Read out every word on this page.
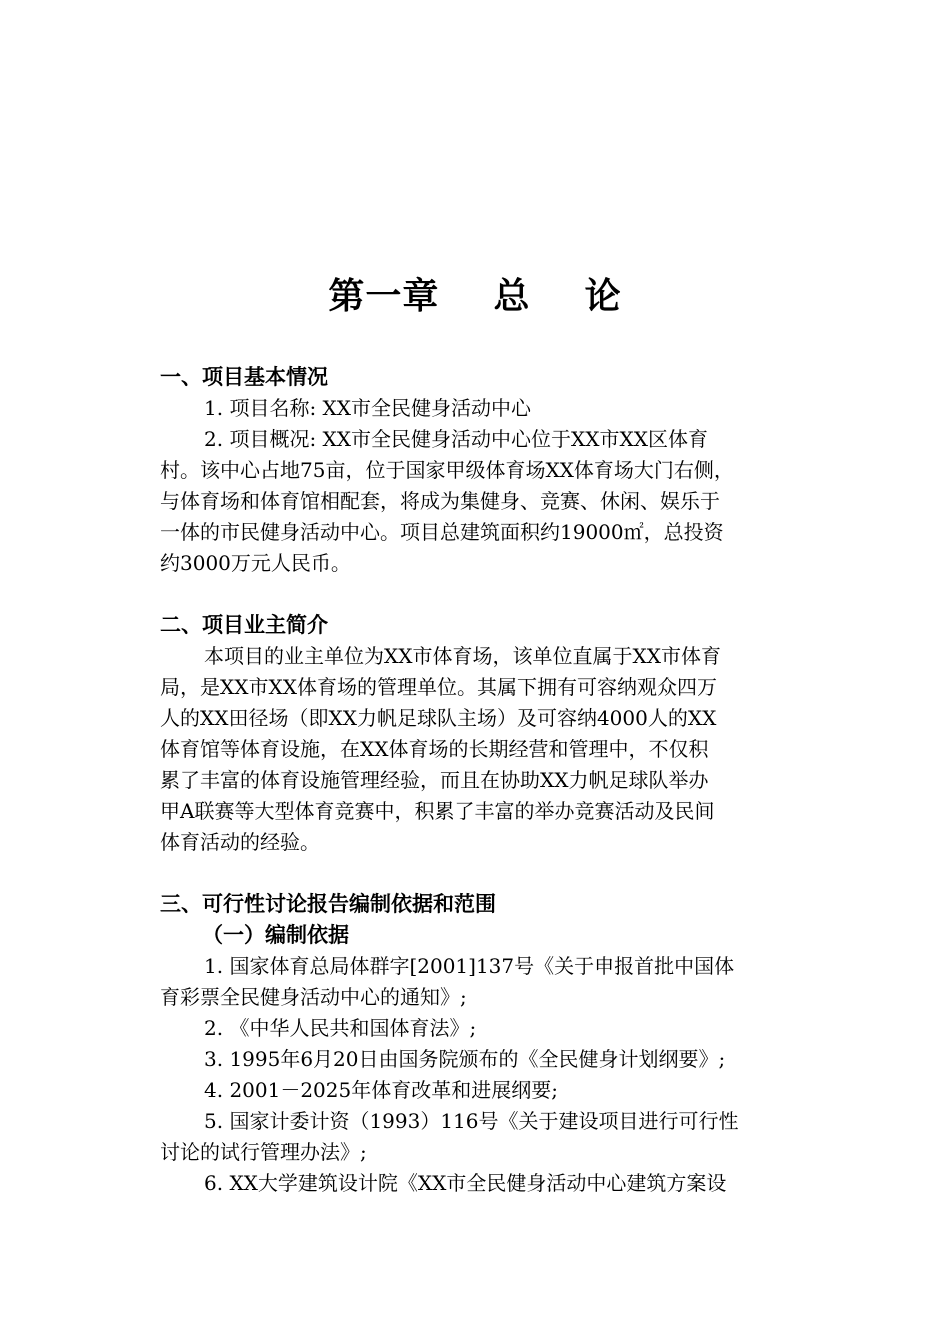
第一章    总    论
一、项目基本情况
1. 项目名称: XX市全民健身活动中心
2. 项目概况: XX市全民健身活动中心位于XX市XX区体育
村。该中心占地75亩，位于国家甲级体育场XX体育场大门右侧，
与体育场和体育馆相配套，将成为集健身、竞赛、休闲、娱乐于
一体的市民健身活动中心。项目总建筑面积约19000㎡，总投资
约3000万元人民币。
二、项目业主简介
本项目的业主单位为XX市体育场，该单位直属于XX市体育
局，是XX市XX体育场的管理单位。其属下拥有可容纳观众四万
人的XX田径场（即XX力帆足球队主场）及可容纳4000人的XX
体育馆等体育设施，在XX体育场的长期经营和管理中，不仅积
累了丰富的体育设施管理经验，而且在协助XX力帆足球队举办
甲A联赛等大型体育竞赛中，积累了丰富的举办竞赛活动及民间
体育活动的经验。
三、可行性讨论报告编制依据和范围
（一）编制依据
1. 国家体育总局体群字[2001]137号《关于申报首批中国体
育彩票全民健身活动中心的通知》;
2. 《中华人民共和国体育法》;
3. 1995年6月20日由国务院颁布的《全民健身计划纲要》;
4. 2001－2025年体育改革和进展纲要;
5. 国家计委计资（1993）116号《关于建设项目进行可行性
讨论的试行管理办法》;
6. XX大学建筑设计院《XX市全民健身活动中心建筑方案设
